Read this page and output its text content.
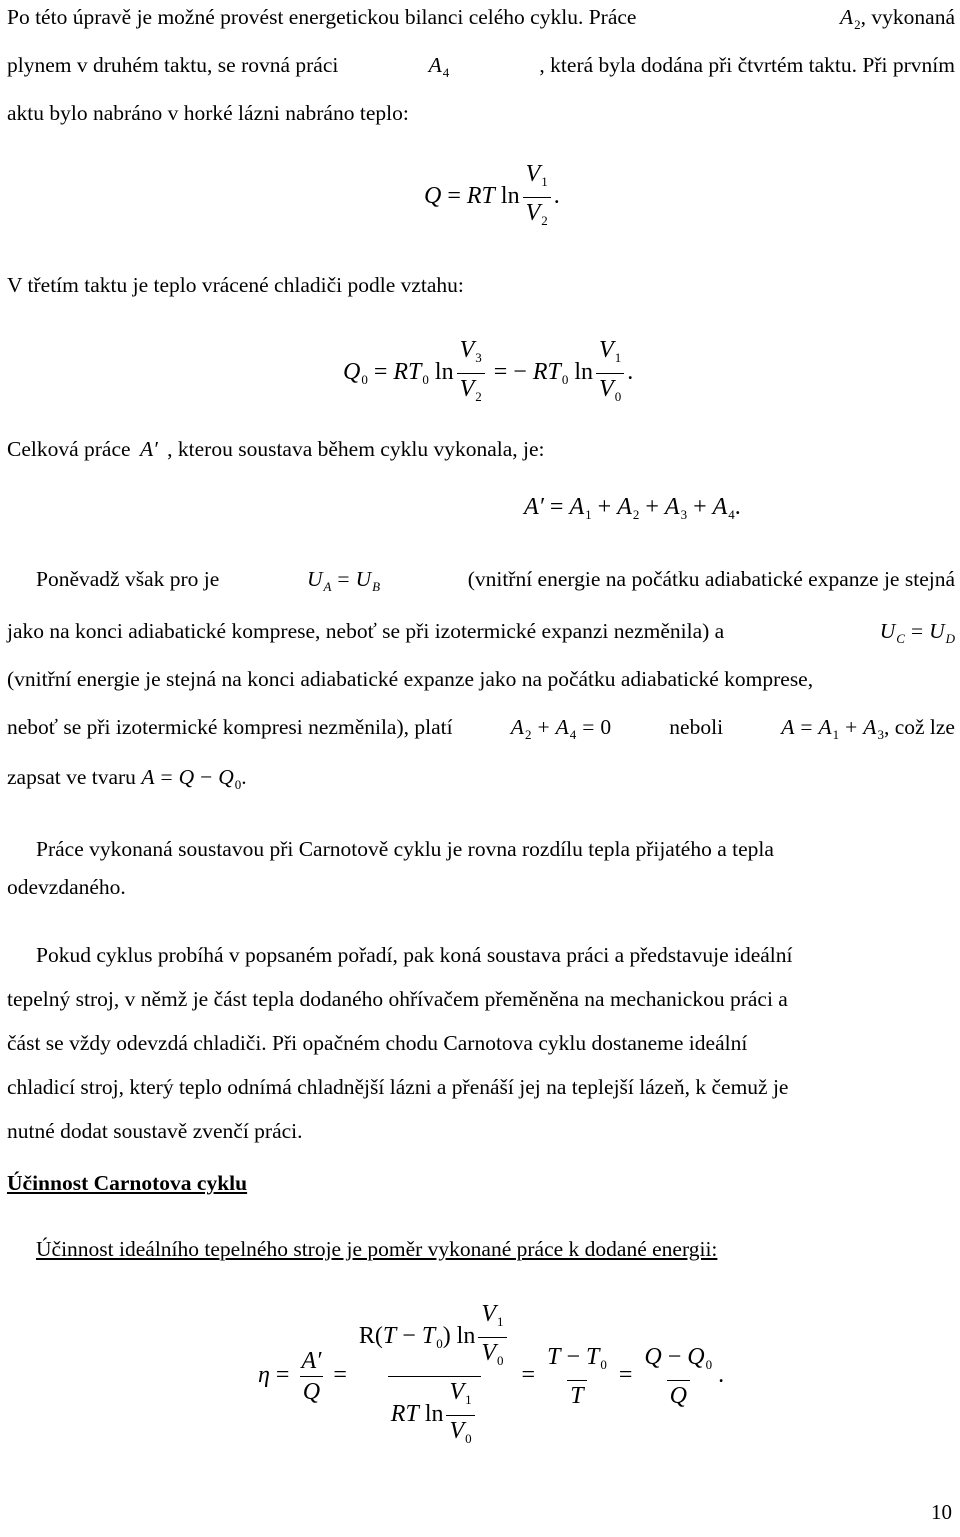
Po této úpravě je možné provést energetickou bilanci celého cyklu. Práce	$A_2$, vykonaná
plynem v druhém taktu, se rovná práci	$A_4$	, která byla dodána při čtvrtém taktu. Při prvním
aktu bylo nabráno v horké lázni nabráno teplo:
Q = RT $\ln \frac{V_1}{V_2}$ .
V třetím taktu je teplo vrácené chladiči podle vztahu:
$Q_0 = RT_0$ $\ln \frac{V_3}{V_2}$ = − $RT_0$ $\ln \frac{V_1}{V_0}$ .
Celková práce A′ , kterou soustava během cyklu vykonala, je:
$A' = A_1 + A_2 + A_3 + A_4$.
Poněvadž však pro je	$U_A = U_B$	(vnitřní energie na počátku adiabatické expanze je stejná
jako na konci adiabatické komprese, neboť se při izotermické expanzi nezměnila) a	$U_C = U_D$
(vnitřní energie je stejná na konci adiabatické expanze jako na počátku adiabatické komprese,
neboť se při izotermické kompresi nezměnila), platí	$A_2 + A_4 = 0$	neboli	$A = A_1 + A_3$, což lze
zapsat ve tvaru $A = Q - Q_0$.
Práce vykonaná soustavou při Carnotově cyklu je rovna rozdílu tepla přijatého a tepla
odevzdaného.
Pokud cyklus probíhá v popsaném pořadí, pak koná soustava práci a představuje ideální
tepelný stroj, v němž je část tepla dodaného ohřívačem přeměněna na mechanickou práci a
část se vždy odevzdá chladiči. Při opačném chodu Carnotova cyklu dostaneme ideální
chladicí stroj, který teplo odnímá chladnější lázni a přenáší jej na teplejší lázeň, k čemuž je
nutné dodat soustavě zvenčí práci.
Účinnost Carnotova cyklu
Účinnost ideálního tepelného stroje je poměr vykonané práce k dodané energii:
$\eta = \frac{A'}{Q} = \frac{R(T - T_0) \ln \frac{V_1}{V_0}}{RT \ln \frac{V_1}{V_0}} = \frac{T - T_0}{T} = \frac{Q - Q_0}{Q}$ .
10
